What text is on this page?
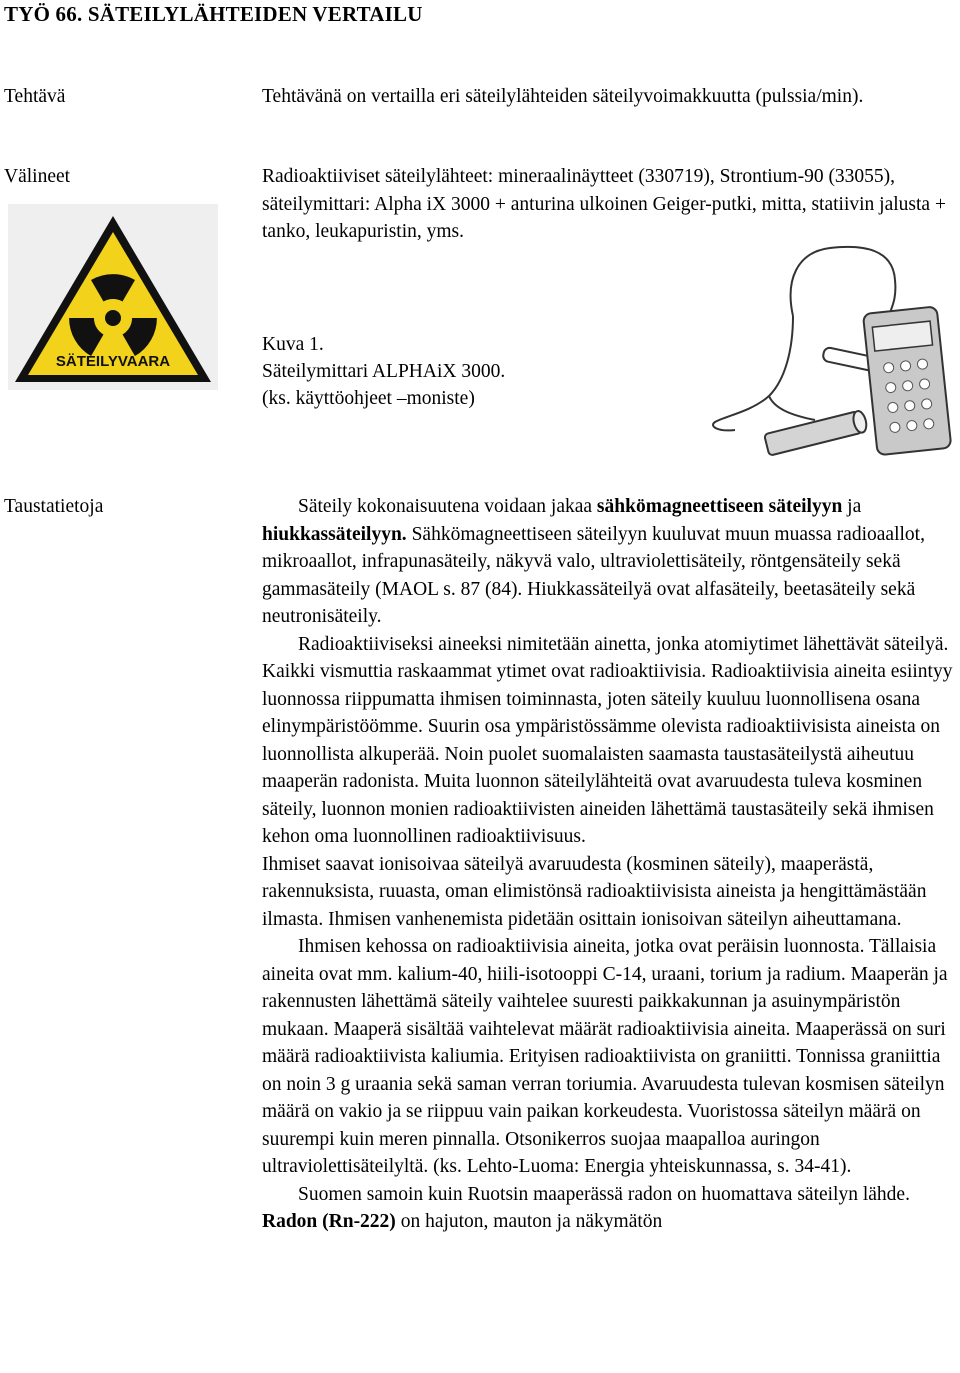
TYÖ 66. SÄTEILYLÄHTEIDEN VERTAILU
Tehtävä	Tehtävänä on vertailla eri säteilylähteiden säteilyvoimakkuutta (pulssia/min).
Välineet	Radioaktiiviset säteilylähteet: mineraalinäytteet (330719), Strontium-90 (33055), säteilymittari: Alpha iX 3000 + anturina ulkoinen Geiger-putki, mitta, statiivin jalusta + tanko, leukapuristin, yms.
SÄTEILYVAARA
Kuva 1.
Säteilymittari ALPHAiX 3000.
(ks. käyttöohjeet –moniste)
Taustatietoja	Säteily kokonaisuutena voidaan jakaa sähkömagneettiseen säteilyyn ja hiukkassäteilyyn. Sähkömagneettiseen säteilyyn kuuluvat muun muassa radioaallot, mikroaallot, infrapunasäteily, näkyvä valo, ultraviolettisäteily, röntgensäteily sekä gammasäteily (MAOL s. 87 (84). Hiukkassäteilyä ovat alfasäteily, beetasäteily sekä neutronisäteily.

Radioaktiiviseksi aineeksi nimitetään ainetta, jonka atomiytimet lähettävät säteilyä. Kaikki vismuttia raskaammat ytimet ovat radioaktiivisia. Radioaktiivisia aineita esiintyy luonnossa riippumatta ihmisen toiminnasta, joten säteily kuuluu luonnollisena osana elinympäristöömme. Suurin osa ympäristössämme olevista radioaktiivisista aineista on luonnollista alkuperää. Noin puolet suomalaisten saamasta taustasäteilystä aiheutuu maaperän radonista. Muita luonnon säteilylähteitä ovat avaruudesta tuleva kosminen säteily, luonnon monien radioaktiivisten aineiden lähettämä taustasäteily sekä ihmisen kehon oma luonnollinen radioaktiivisuus.

Ihmiset saavat ionisoivaa säteilyä avaruudesta (kosminen säteily), maaperästä, rakennuksista, ruuasta, oman elimistönsä radioaktiivisista aineista ja hengittämästään ilmasta. Ihmisen vanhenemista pidetään osittain ionisoivan säteilyn aiheuttamana.

Ihmisen kehossa on radioaktiivisia aineita, jotka ovat peräisin luonnosta. Tällaisia aineita ovat mm. kalium-40, hiili-isotooppi C-14, uraani, torium ja radium. Maaperän ja rakennusten lähettämä säteily vaihtelee suuresti paikkakunnan ja asuinympäristön mukaan. Maaperä sisältää vaihtelevat määrät radioaktiivisia aineita. Maaperässä on suri määrä radioaktiivista kaliumia. Erityisen radioaktiivista on graniitti. Tonnissa graniittia on noin 3 g uraania sekä saman verran toriumia. Avaruudesta tulevan kosmisen säteilyn määrä on vakio ja se riippuu vain paikan korkeudesta. Vuoristossa säteilyn määrä on suurempi kuin meren pinnalla. Otsonikerros suojaa maapalloa auringon ultraviolettisäteilyltä. (ks. Lehto-Luoma: Energia yhteiskunnassa, s. 34-41).

Suomen samoin kuin Ruotsin maaperässä radon on huomattava säteilyn lähde. Radon (Rn-222) on hajuton, mauton ja näkymätön
